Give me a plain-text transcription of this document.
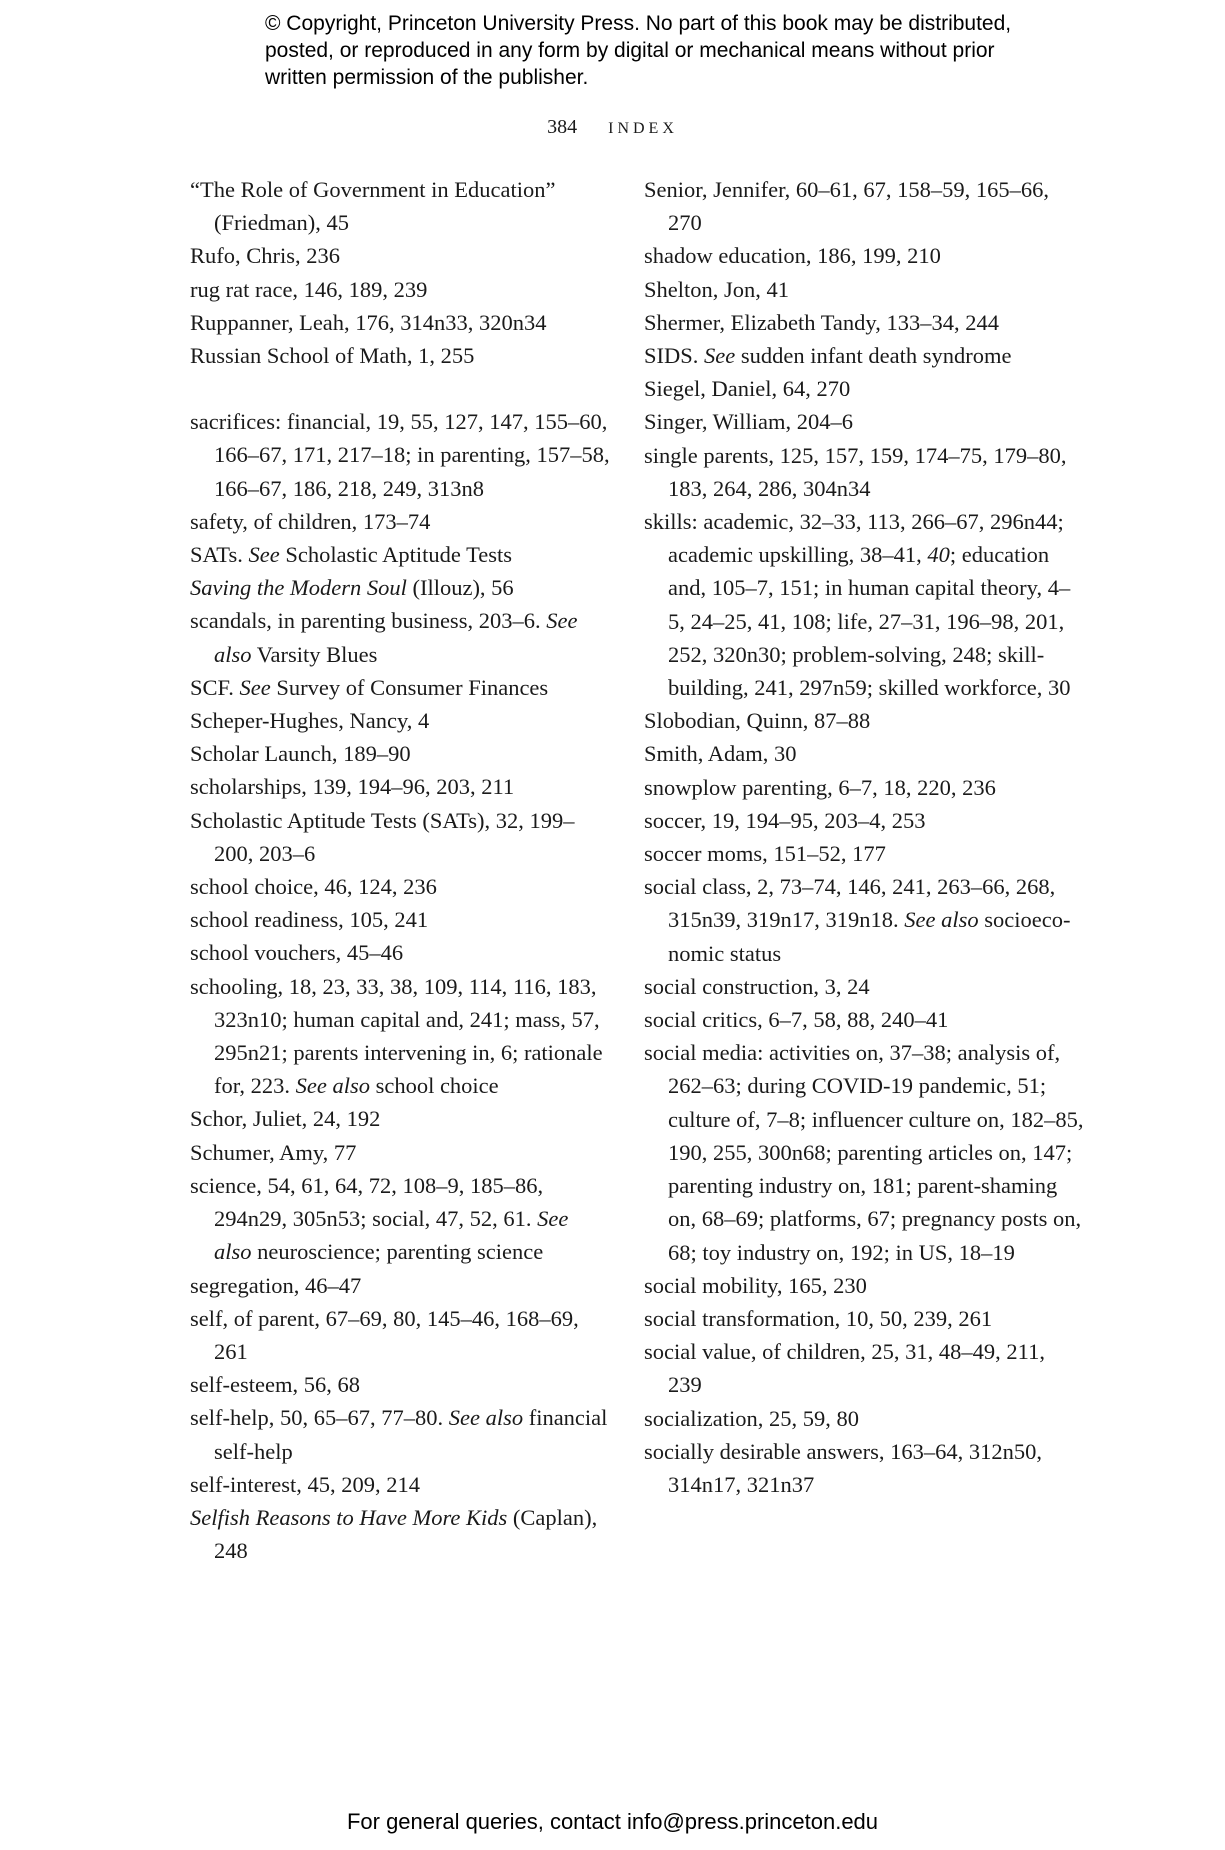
© Copyright, Princeton University Press. No part of this book may be distributed, posted, or reproduced in any form by digital or mechanical means without prior written permission of the publisher.
384 INDEX
“The Role of Government in Education” (Friedman), 45
Rufo, Chris, 236
rug rat race, 146, 189, 239
Ruppanner, Leah, 176, 314n33, 320n34
Russian School of Math, 1, 255
sacrifices: financial, 19, 55, 127, 147, 155–60, 166–67, 171, 217–18; in parenting, 157–58, 166–67, 186, 218, 249, 313n8
safety, of children, 173–74
SATs. See Scholastic Aptitude Tests
Saving the Modern Soul (Illouz), 56
scandals, in parenting business, 203–6. See also Varsity Blues
SCF. See Survey of Consumer Finances
Scheper-Hughes, Nancy, 4
Scholar Launch, 189–90
scholarships, 139, 194–96, 203, 211
Scholastic Aptitude Tests (SATs), 32, 199–200, 203–6
school choice, 46, 124, 236
school readiness, 105, 241
school vouchers, 45–46
schooling, 18, 23, 33, 38, 109, 114, 116, 183, 323n10; human capital and, 241; mass, 57, 295n21; parents intervening in, 6; rationale for, 223. See also school choice
Schor, Juliet, 24, 192
Schumer, Amy, 77
science, 54, 61, 64, 72, 108–9, 185–86, 294n29, 305n53; social, 47, 52, 61. See also neuroscience; parenting science
segregation, 46–47
self, of parent, 67–69, 80, 145–46, 168–69, 261
self-esteem, 56, 68
self-help, 50, 65–67, 77–80. See also financial self-help
self-interest, 45, 209, 214
Selfish Reasons to Have More Kids (Caplan), 248
Senior, Jennifer, 60–61, 67, 158–59, 165–66, 270
shadow education, 186, 199, 210
Shelton, Jon, 41
Shermer, Elizabeth Tandy, 133–34, 244
SIDS. See sudden infant death syndrome
Siegel, Daniel, 64, 270
Singer, William, 204–6
single parents, 125, 157, 159, 174–75, 179–80, 183, 264, 286, 304n34
skills: academic, 32–33, 113, 266–67, 296n44; academic upskilling, 38–41, 40; education and, 105–7, 151; in human capital theory, 4–5, 24–25, 41, 108; life, 27–31, 196–98, 201, 252, 320n30; problem-solving, 248; skill-building, 241, 297n59; skilled workforce, 30
Slobodian, Quinn, 87–88
Smith, Adam, 30
snowplow parenting, 6–7, 18, 220, 236
soccer, 19, 194–95, 203–4, 253
soccer moms, 151–52, 177
social class, 2, 73–74, 146, 241, 263–66, 268, 315n39, 319n17, 319n18. See also socioeconomic status
social construction, 3, 24
social critics, 6–7, 58, 88, 240–41
social media: activities on, 37–38; analysis of, 262–63; during COVID-19 pandemic, 51; culture of, 7–8; influencer culture on, 182–85, 190, 255, 300n68; parenting articles on, 147; parenting industry on, 181; parent-shaming on, 68–69; platforms, 67; pregnancy posts on, 68; toy industry on, 192; in US, 18–19
social mobility, 165, 230
social transformation, 10, 50, 239, 261
social value, of children, 25, 31, 48–49, 211, 239
socialization, 25, 59, 80
socially desirable answers, 163–64, 312n50, 314n17, 321n37
For general queries, contact info@press.princeton.edu
